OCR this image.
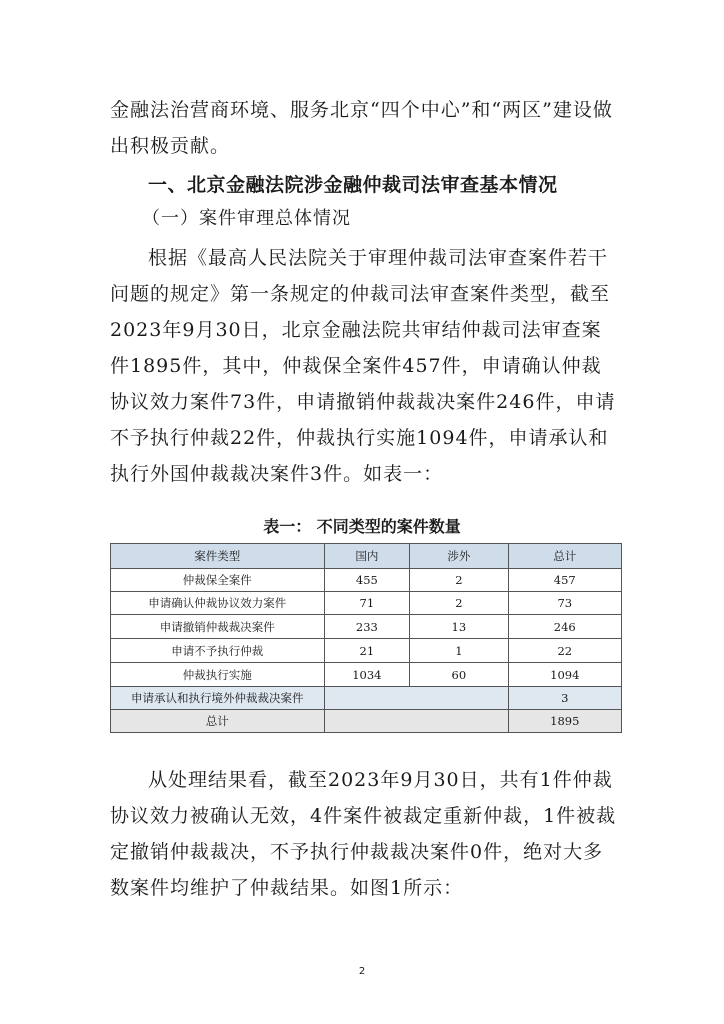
金融法治营商环境、服务北京“四个中心”和“两区”建设做出积极贡献。

一、北京金融法院涉金融仲裁司法审查基本情况

（一）案件审理总体情况

根据《最高人民法院关于审理仲裁司法审查案件若干问题的规定》第一条规定的仲裁司法审查案件类型，截至2023年9月30日，北京金融法院共审结仲裁司法审查案件1895件，其中，仲裁保全案件457件，申请确认仲裁协议效力案件73件，申请撤销仲裁裁决案件246件，申请不予执行仲裁22件，仲裁执行实施1094件，申请承认和执行外国仲裁裁决案件3件。如表一：

表一： 不同类型的案件数量

案件类型	国内	涉外	总计
仲裁保全案件	455	2	457
申请确认仲裁协议效力案件	71	2	73
申请撤销仲裁裁决案件	233	13	246
申请不予执行仲裁	21	1	22
仲裁执行实施	1034	60	1094
申请承认和执行境外仲裁裁决案件			3
总计			1895

从处理结果看，截至2023年9月30日，共有1件仲裁协议效力被确认无效，4件案件被裁定重新仲裁，1件被裁定撤销仲裁裁决，不予执行仲裁裁决案件0件，绝对大多数案件均维护了仲裁结果。如图1所示：

2
